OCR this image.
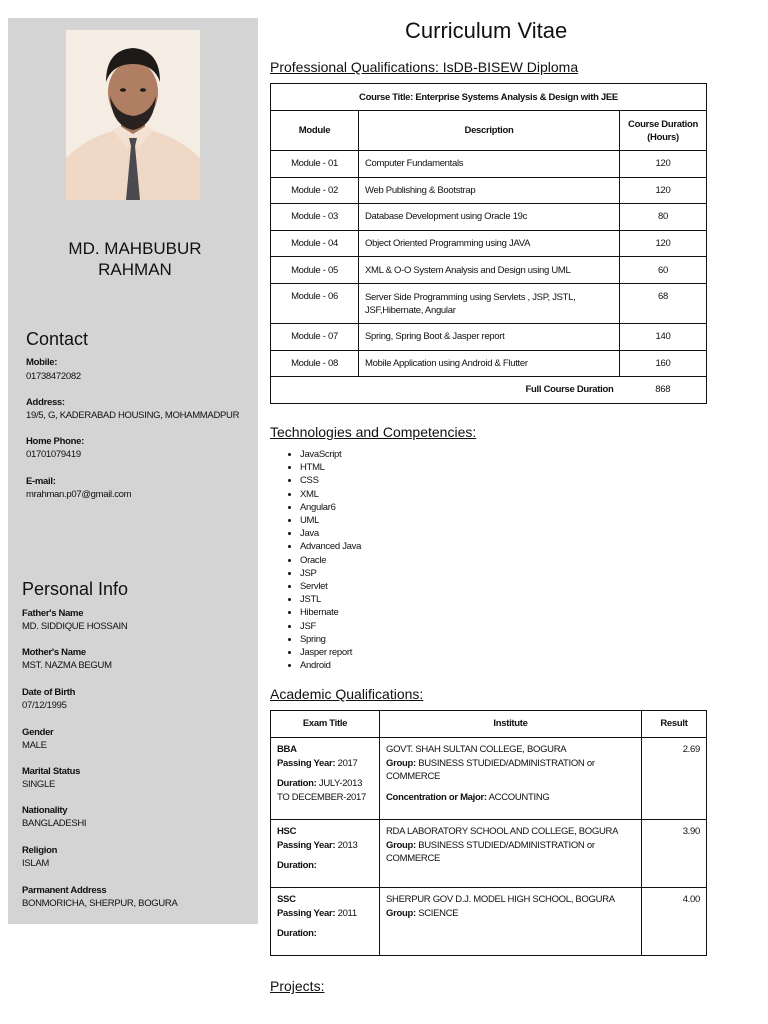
MD. MAHBUBUR RAHMAN
Contact
Mobile:
01738472082
Address:
19/5, G, KADERABAD HOUSING, MOHAMMADPUR
Home Phone:
01701079419
E-mail:
mrahman.p07@gmail.com
Personal Info
Father's Name
MD. SIDDIQUE HOSSAIN
Mother's Name
MST. NAZMA BEGUM
Date of Birth
07/12/1995
Gender
MALE
Marital Status
SINGLE
Nationality
BANGLADESHI
Religion
ISLAM
Parmanent Address
BONMORICHA, SHERPUR, BOGURA
Curriculum Vitae
Professional Qualifications: IsDB-BISEW Diploma
Course Title: Enterprise Systems Analysis & Design with JEE		
Module	Description	Course Duration (Hours)
Module - 01	Computer Fundamentals	120
Module - 02	Web Publishing & Bootstrap	120
Module - 03	Database Development using Oracle 19c	80
Module - 04	Object Oriented Programming using JAVA	120
Module - 05	XML & O-O System Analysis and Design using UML	60
Module - 06	Server Side Programming using Servlets , JSP, JSTL, JSF,Hibernate, Angular	68
Module - 07	Spring, Spring Boot & Jasper report	140
Module - 08	Mobile Application using Android & Flutter	160
Full Course Duration		868
Technologies and Competencies:
• JavaScript
• HTML
• CSS
• XML
• Angular6
• UML
• Java
• Advanced Java
• Oracle
• JSP
• Servlet
• JSTL
• Hibernate
• JSF
• Spring
• Jasper report
• Android
Academic Qualifications:
Exam Title	Institute	Result
BBA
Passing Year: 2017
Duration: JULY-2013 TO DECEMBER-2017	GOVT. SHAH SULTAN COLLEGE, BOGURA
Group: BUSINESS STUDIED/ADMINISTRATION or COMMERCE
Concentration or Major: ACCOUNTING	2.69
HSC
Passing Year: 2013
Duration:	RDA LABORATORY SCHOOL AND COLLEGE, BOGURA
Group: BUSINESS STUDIED/ADMINISTRATION or COMMERCE	3.90
SSC
Passing Year: 2011
Duration:	SHERPUR GOV D.J. MODEL HIGH SCHOOL, BOGURA
Group: SCIENCE	4.00
Projects:
